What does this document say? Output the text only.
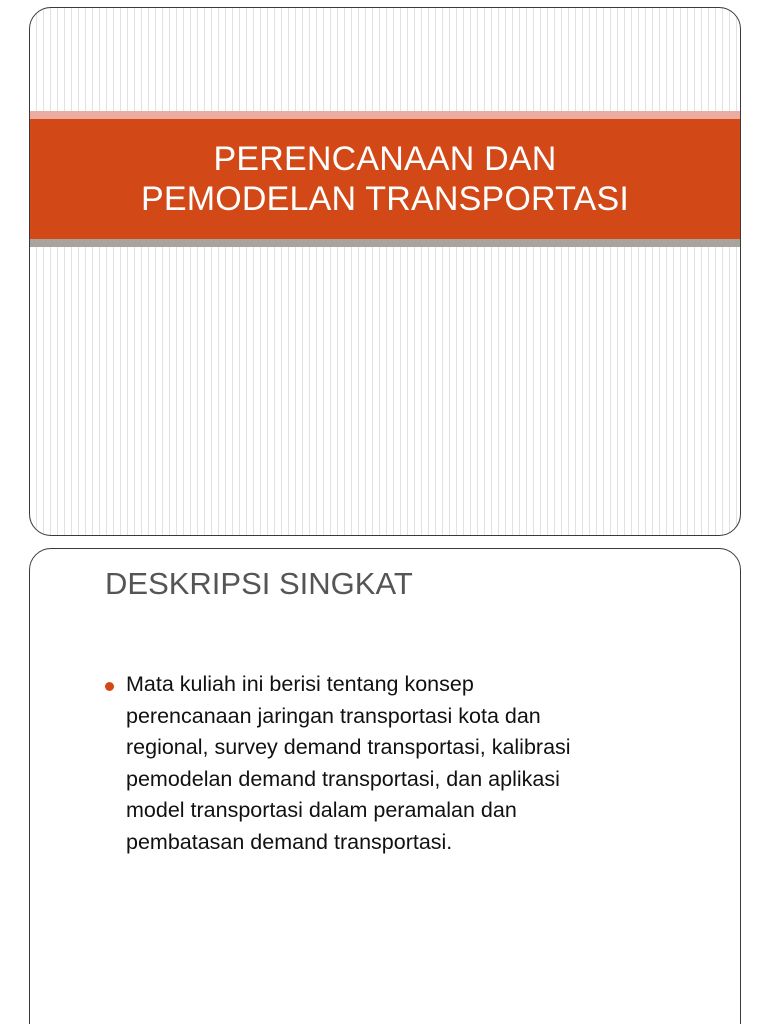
PERENCANAAN DAN
PEMODELAN TRANSPORTASI
DESKRIPSI SINGKAT
Mata kuliah ini berisi tentang konsep
perencanaan jaringan transportasi kota dan
regional, survey demand transportasi, kalibrasi
pemodelan demand transportasi, dan aplikasi
model transportasi dalam peramalan dan
pembatasan demand transportasi.
